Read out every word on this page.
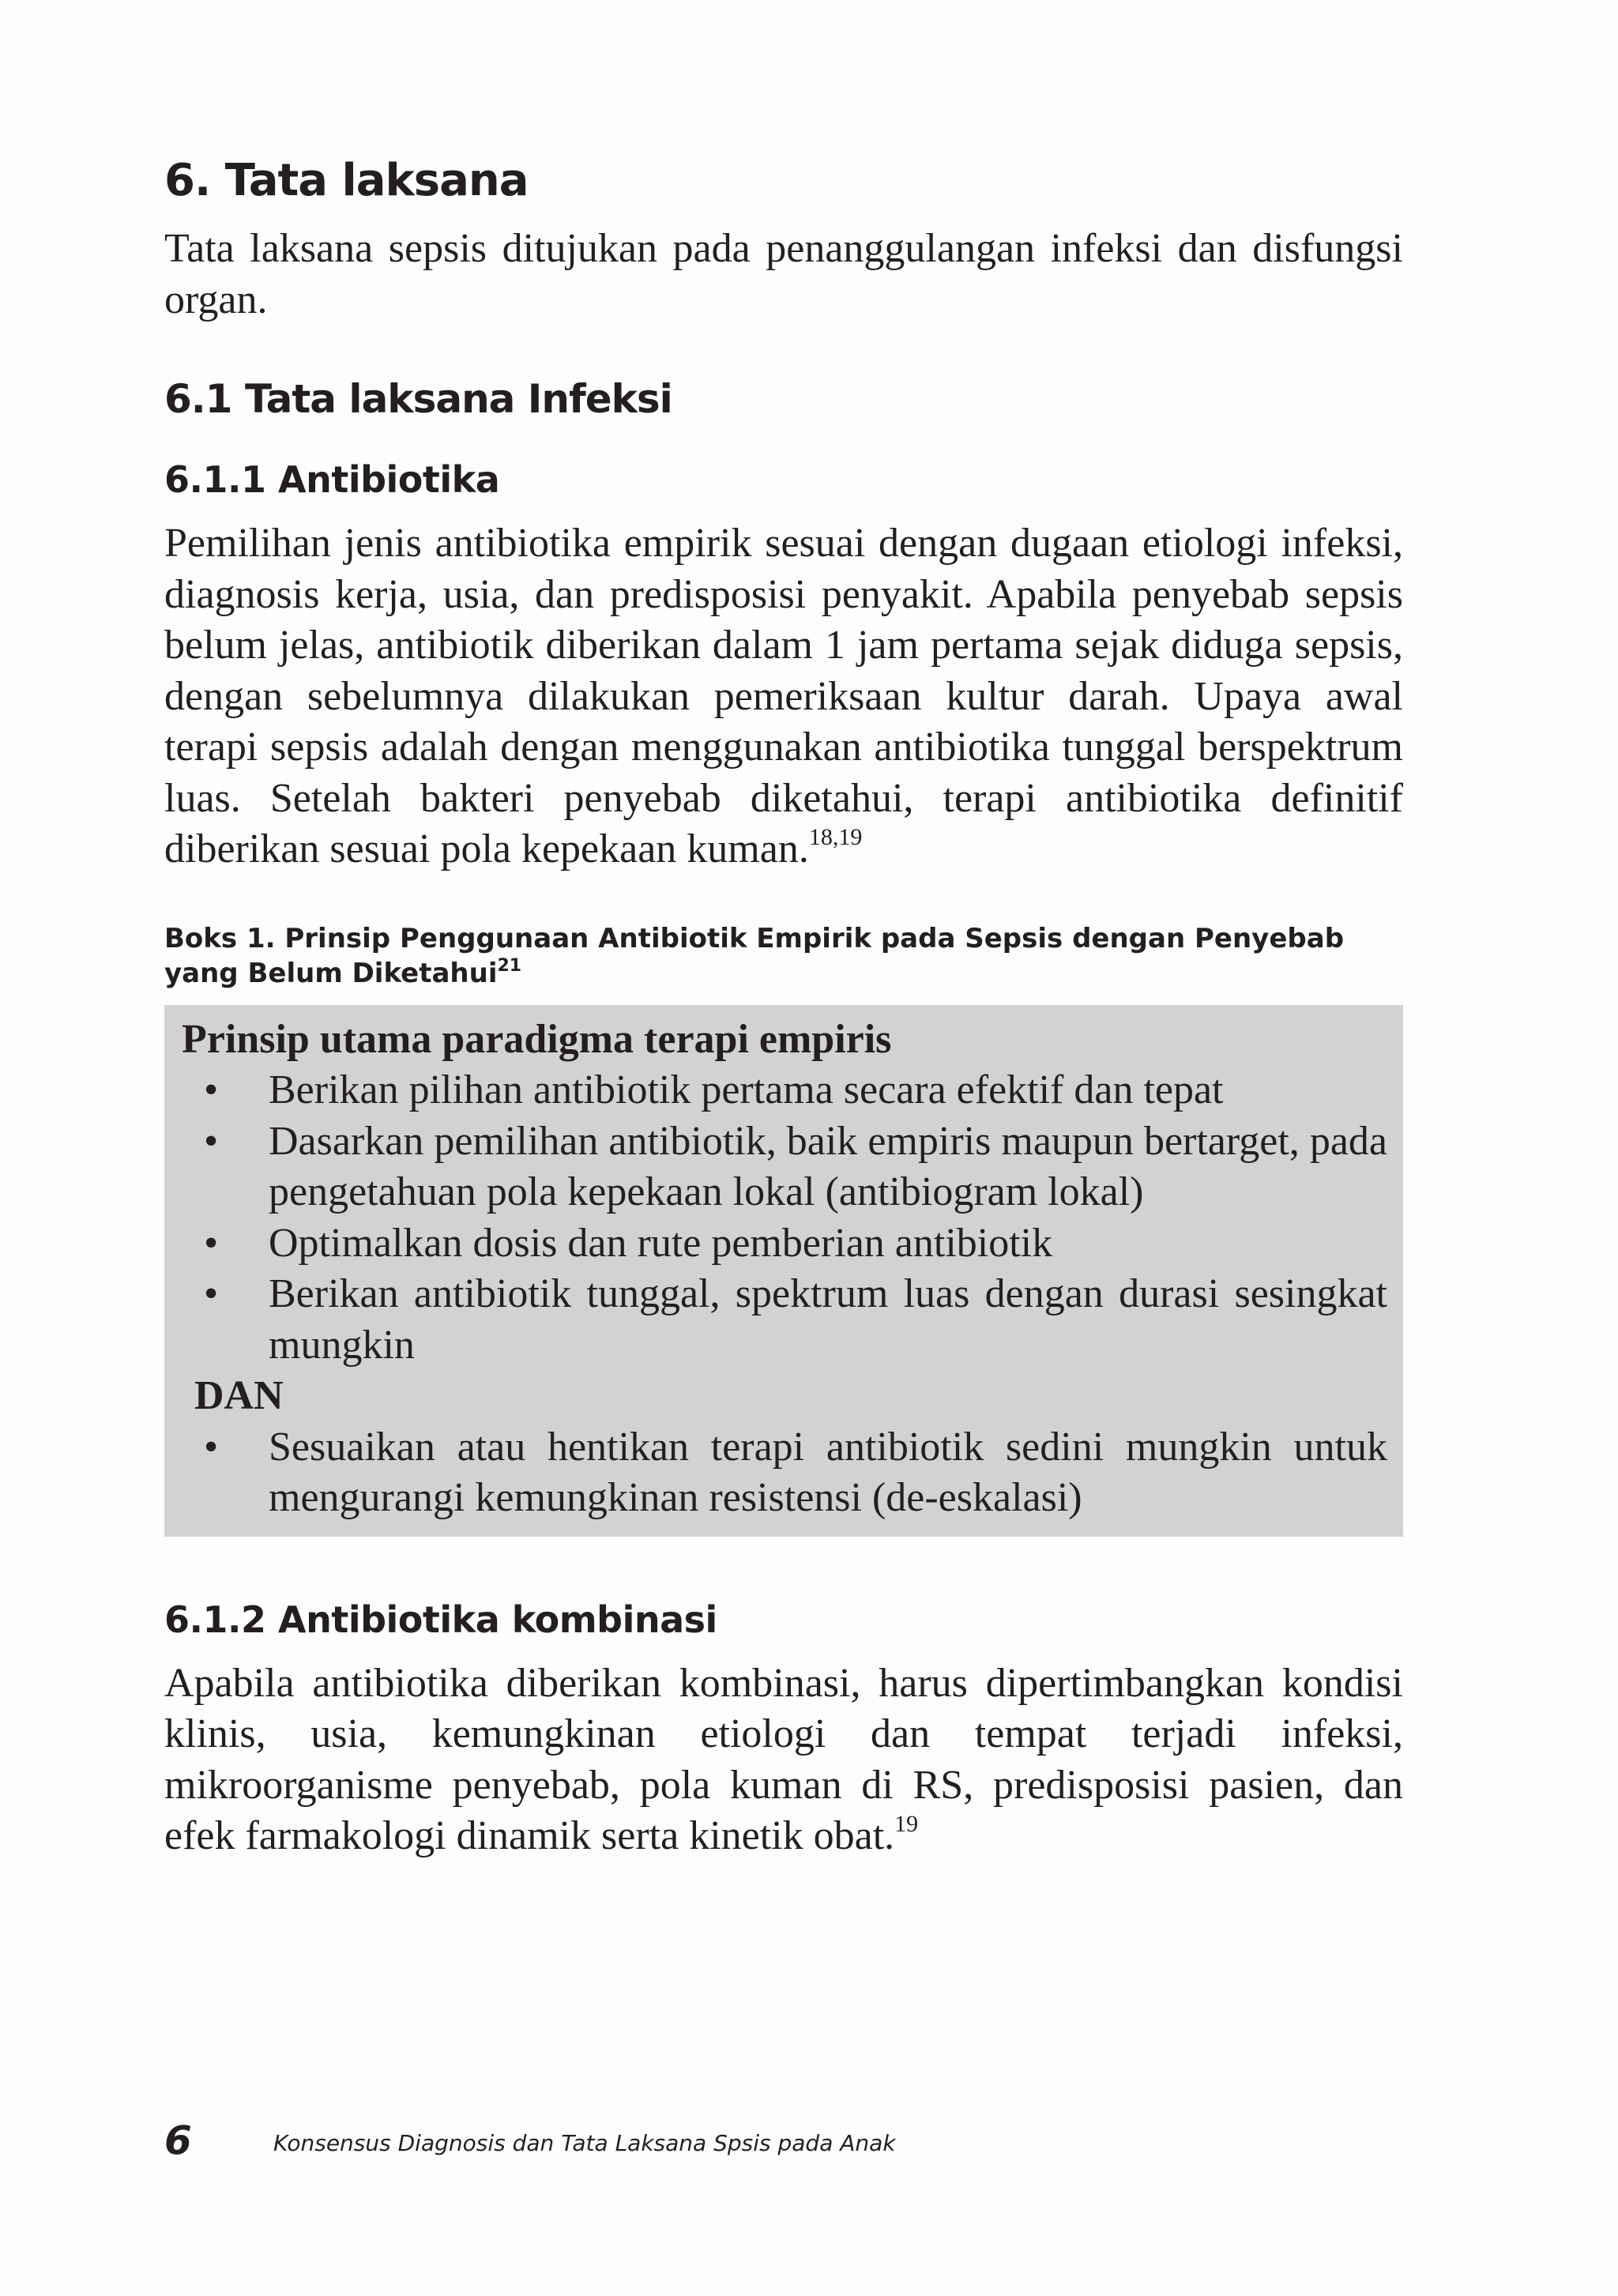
6. Tata laksana

Tata laksana sepsis ditujukan pada penanggulangan infeksi dan disfungsi organ.

6.1 Tata laksana Infeksi
6.1.1 Antibiotika

Pemilihan jenis antibiotika empirik sesuai dengan dugaan etiologi infeksi, diagnosis kerja, usia, dan predisposisi penyakit. Apabila penyebab sepsis belum jelas, antibiotik diberikan dalam 1 jam pertama sejak diduga sepsis, dengan sebelumnya dilakukan pemeriksaan kultur darah. Upaya awal terapi sepsis adalah dengan menggunakan antibiotika tunggal berspektrum luas. Setelah bakteri penyebab diketahui, terapi antibiotika definitif diberikan sesuai pola kepekaan kuman.$^{18,19}$

Boks 1. Prinsip Penggunaan Antibiotik Empirik pada Sepsis dengan Penyebab yang Belum Diketahui$^{21}$

Prinsip utama paradigma terapi empiris

• Berikan pilihan antibiotik pertama secara efektif dan tepat
• Dasarkan pemilihan antibiotik, baik empiris maupun bertarget, pada pengetahuan pola kepekaan lokal (antibiogram lokal)
• Optimalkan dosis dan rute pemberian antibiotik
• Berikan antibiotik tunggal, spektrum luas dengan durasi sesingkat mungkin

DAN

• Sesuaikan atau hentikan terapi antibiotik sedini mungkin untuk mengurangi kemungkinan resistensi (de-eskalasi)
6.1.2 Antibiotika kombinasi

Apabila antibiotika diberikan kombinasi, harus dipertimbangkan kondisi klinis, usia, kemungkinan etiologi dan tempat terjadi infeksi, mikroorganisme penyebab, pola kuman di RS, predisposisi pasien, dan efek farmakologi dinamik serta kinetik obat.$^{19}$

6	Konsensus Diagnosis dan Tata Laksana Spsis pada Anak
